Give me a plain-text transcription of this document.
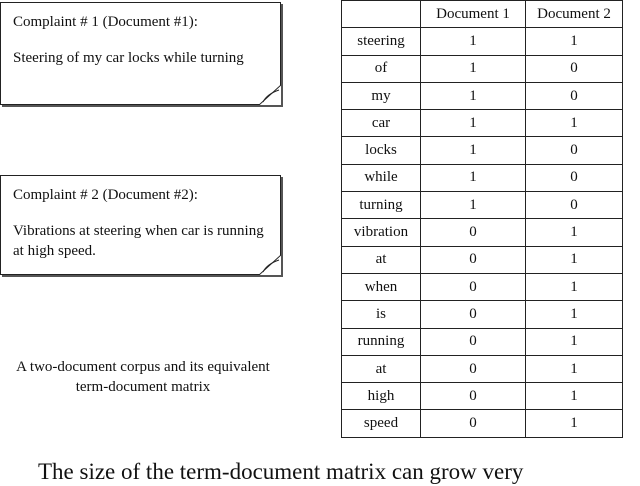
Complaint # 1 (Document #1):
Steering of my car locks while turning
Complaint # 2 (Document #2):
Vibrations at steering when car is running at high speed.
A two-document corpus and its equivalent term-document matrix
	Document 1	Document 2
steering	1	1
of	1	0
my	1	0
car	1	1
locks	1	0
while	1	0
turning	1	0
vibration	0	1
at	0	1
when	0	1
is	0	1
running	0	1
at	0	1
high	0	1
speed	0	1
The size of the term-document matrix can grow very
